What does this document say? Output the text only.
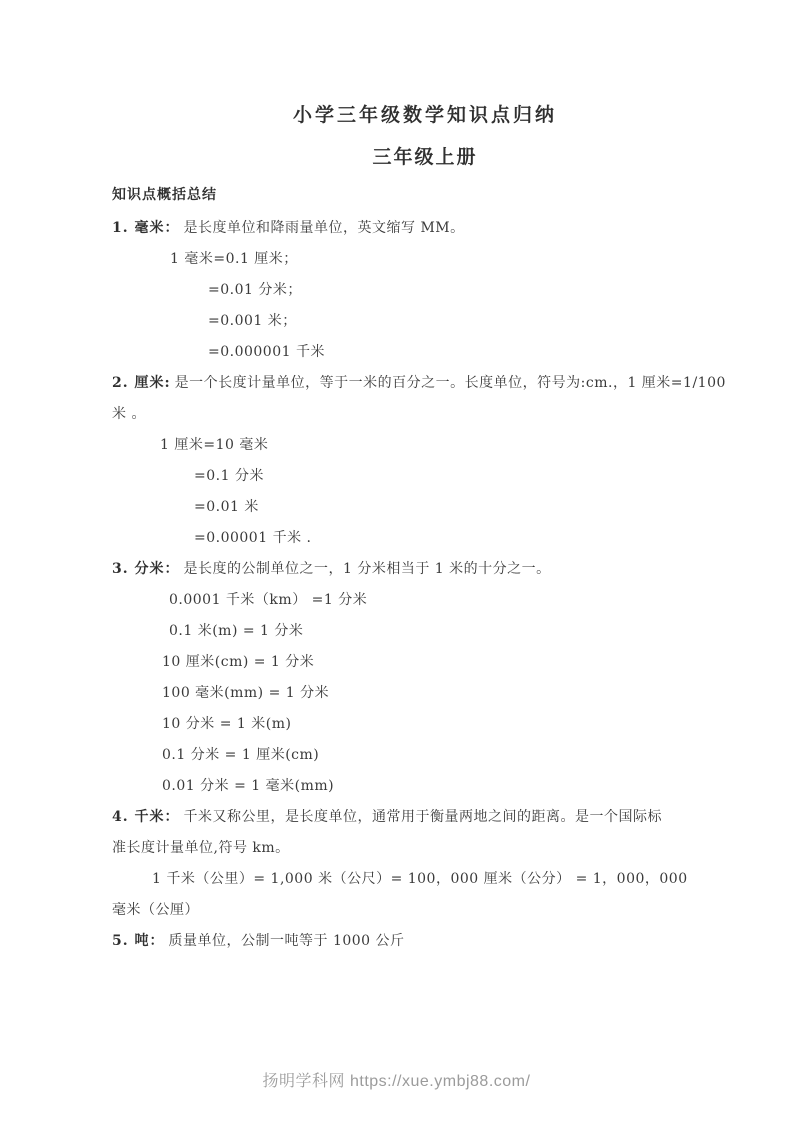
小学三年级数学知识点归纳
三年级上册
知识点概括总结
1. 毫米： 是长度单位和降雨量单位，英文缩写 MM。
1 毫米=0.1 厘米；
=0.01 分米；
=0.001 米；
=0.000001 千米
2. 厘米: 是一个长度计量单位，等于一米的百分之一。长度单位，符号为:cm.，1 厘米=1/100
米 。
1 厘米=10 毫米
=0.1 分米
=0.01 米
=0.00001 千米 .
3. 分米： 是长度的公制单位之一，1 分米相当于 1 米的十分之一。
0.0001 千米（km） =1 分米
0.1 米(m) = 1 分米
10 厘米(cm) = 1 分米
100 毫米(mm) = 1 分米
10 分米 = 1 米(m)
0.1 分米 = 1 厘米(cm)
0.01 分米 = 1 毫米(mm)
4. 千米： 千米又称公里，是长度单位，通常用于衡量两地之间的距离。是一个国际标
准长度计量单位,符号 km。
1 千米（公里）= 1,000 米（公尺）= 100，000 厘米（公分） = 1，000，000
毫米（公厘）
5. 吨： 质量单位，公制一吨等于 1000 公斤
扬明学科网 https://xue.ymbj88.com/
